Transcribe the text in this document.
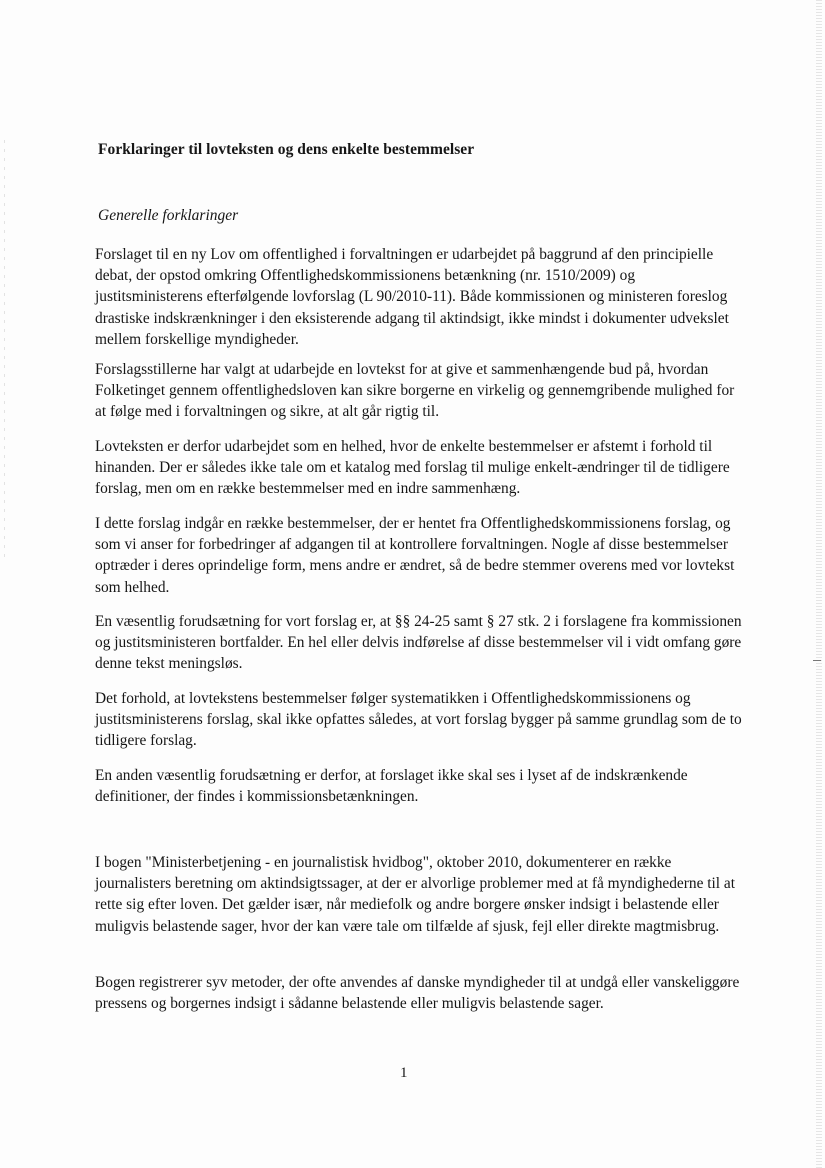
Forklaringer til lovteksten og dens enkelte bestemmelser
Generelle forklaringer

Forslaget til en ny Lov om offentlighed i forvaltningen er udarbejdet på baggrund af den principielle debat, der opstod omkring Offentlighedskommissionens betænkning (nr. 1510/2009) og justitsministerens efterfølgende lovforslag (L 90/2010-11). Både kommissionen og ministeren foreslog drastiske indskrænkninger i den eksisterende adgang til aktindsigt, ikke mindst i dokumenter udvekslet mellem forskellige myndigheder.

Forslagsstillerne har valgt at udarbejde en lovtekst for at give et sammenhængende bud på, hvordan Folketinget gennem offentlighedsloven kan sikre borgerne en virkelig og gennemgribende mulighed for at følge med i forvaltningen og sikre, at alt går rigtig til.

Lovteksten er derfor udarbejdet som en helhed, hvor de enkelte bestemmelser er afstemt i forhold til hinanden. Der er således ikke tale om et katalog med forslag til mulige enkelt-ændringer til de tidligere forslag, men om en række bestemmelser med en indre sammenhæng.

I dette forslag indgår en række bestemmelser, der er hentet fra Offentlighedskommissionens forslag, og som vi anser for forbedringer af adgangen til at kontrollere forvaltningen. Nogle af disse bestemmelser optræder i deres oprindelige form, mens andre er ændret, så de bedre stemmer overens med vor lovtekst som helhed.

En væsentlig forudsætning for vort forslag er, at §§ 24-25 samt § 27 stk. 2 i forslagene fra kommissionen og justitsministeren bortfalder. En hel eller delvis indførelse af disse bestemmelser vil i vidt omfang gøre denne tekst meningsløs.

Det forhold, at lovtekstens bestemmelser følger systematikken i Offentlighedskommissionens og justitsministerens forslag, skal ikke opfattes således, at vort forslag bygger på samme grundlag som de to tidligere forslag.

En anden væsentlig forudsætning er derfor, at forslaget ikke skal ses i lyset af de indskrænkende definitioner, der findes i kommissionsbetænkningen.

I bogen "Ministerbetjening - en journalistisk hvidbog", oktober 2010, dokumenterer en række journalisters beretning om aktindsigtssager, at der er alvorlige problemer med at få myndighederne til at rette sig efter loven. Det gælder især, når mediefolk og andre borgere ønsker indsigt i belastende eller muligvis belastende sager, hvor der kan være tale om tilfælde af sjusk, fejl eller direkte magtmisbrug.

Bogen registrerer syv metoder, der ofte anvendes af danske myndigheder til at undgå eller vanskeliggøre pressens og borgernes indsigt i sådanne belastende eller muligvis belastende sager.

1
